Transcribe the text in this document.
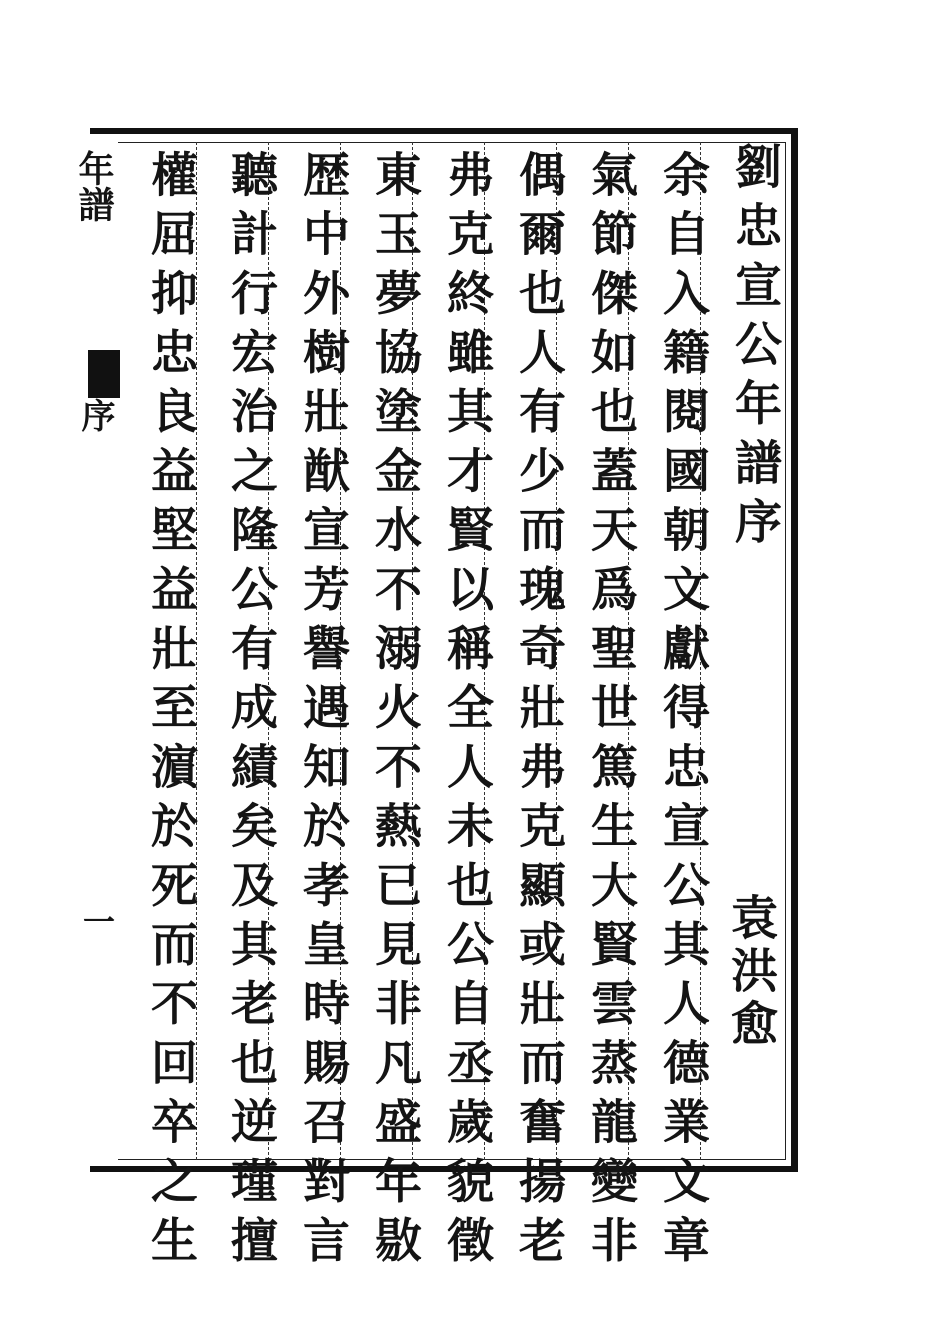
劉忠宣公年譜序
袁洪愈
余自入籍閱國朝文獻得忠宣公其人德業文章
氣節傑如也蓋天爲聖世篤生大賢雲蒸龍變非
偶爾也人有少而瑰奇壯弗克顯或壯而奮揚老
弗克終雖其才賢以稱全人未也公自丞歲貌徵
東玉夢協塗金水不溺火不爇已見非凡盛年敭
歴中外樹壯猷宣芳譽遇知於孝皇時賜召對言
聽計行宏治之隆公有成績矣及其老也逆瑾擅
權屈抑忠良益堅益壯至濵於死而不回卒之生
年譜
序
一
